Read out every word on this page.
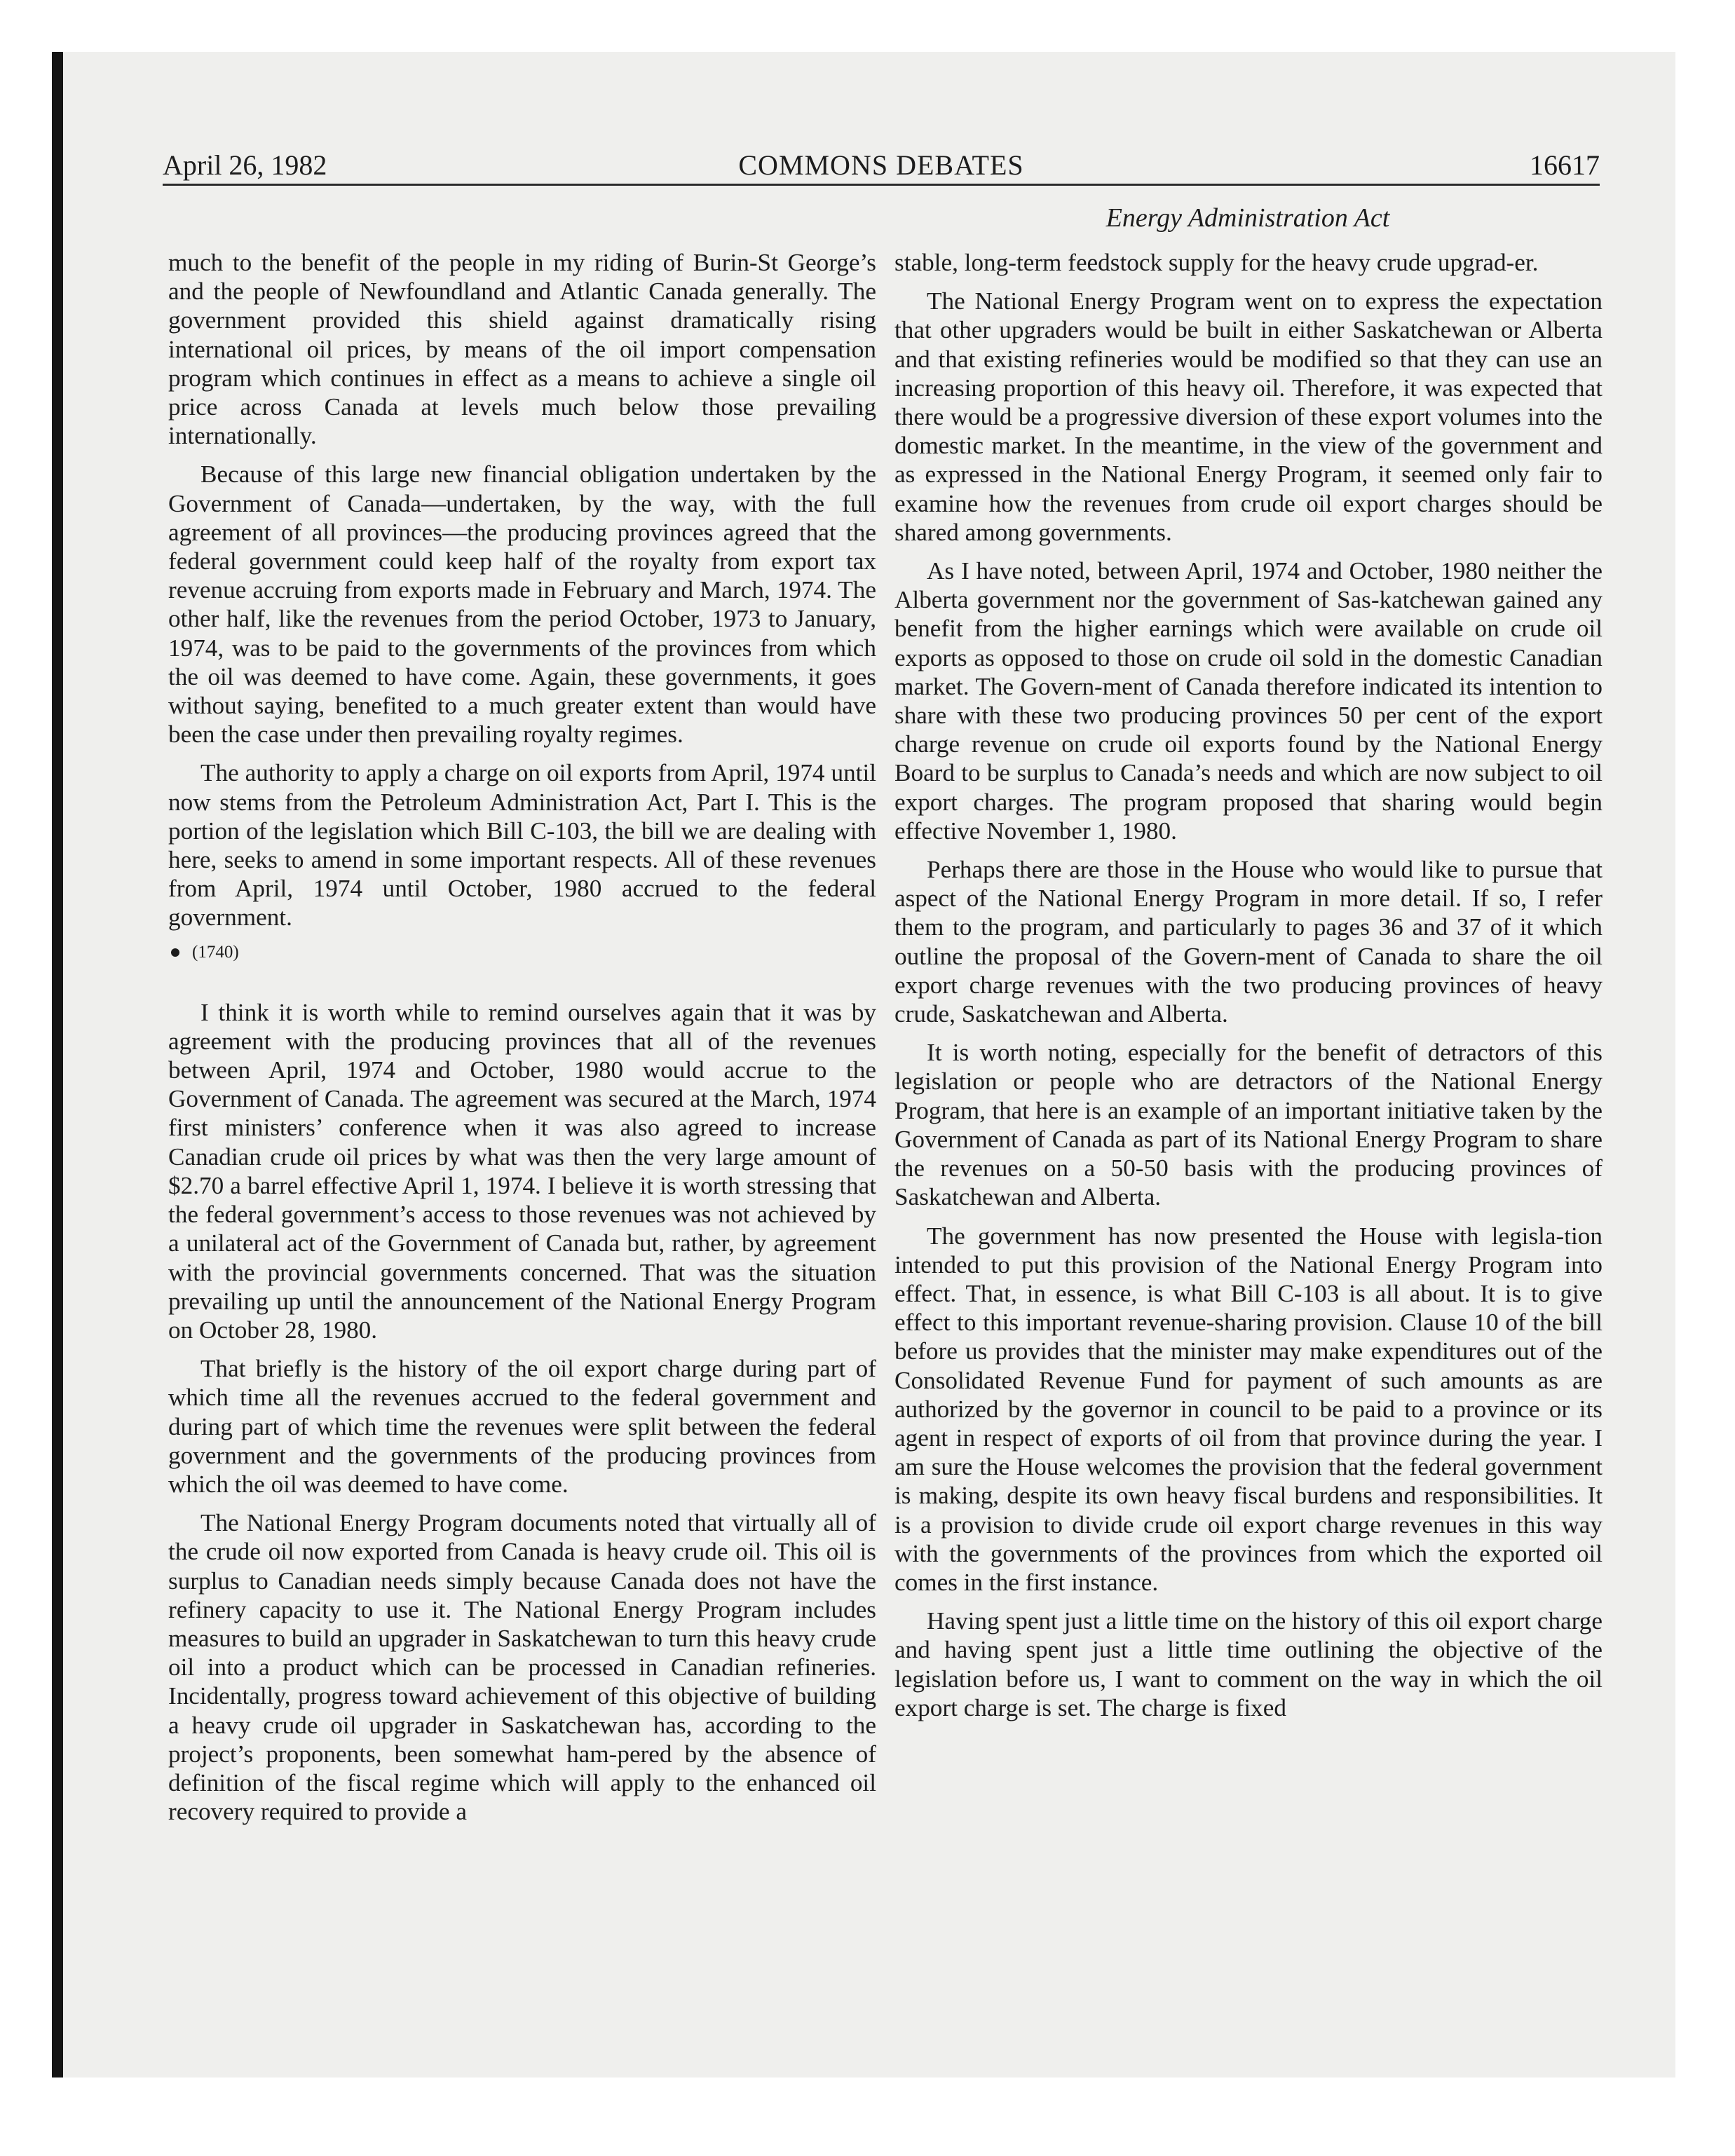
April 26, 1982	COMMONS DEBATES	16617
Energy Administration Act

much to the benefit of the people in my riding of Burin-St George’s and the people of Newfoundland and Atlantic Canada generally. The government provided this shield against dramatically rising international oil prices, by means of the oil import compensation program which continues in effect as a means to achieve a single oil price across Canada at levels much below those prevailing internationally.

Because of this large new financial obligation undertaken by the Government of Canada—undertaken, by the way, with the full agreement of all provinces—the producing provinces agreed that the federal government could keep half of the royalty from export tax revenue accruing from exports made in February and March, 1974. The other half, like the revenues from the period October, 1973 to January, 1974, was to be paid to the governments of the provinces from which the oil was deemed to have come. Again, these governments, it goes without saying, benefited to a much greater extent than would have been the case under then prevailing royalty regimes.

The authority to apply a charge on oil exports from April, 1974 until now stems from the Petroleum Administration Act, Part I. This is the portion of the legislation which Bill C-103, the bill we are dealing with here, seeks to amend in some important respects. All of these revenues from April, 1974 until October, 1980 accrued to the federal government.

(1740)

I think it is worth while to remind ourselves again that it was by agreement with the producing provinces that all of the revenues between April, 1974 and October, 1980 would accrue to the Government of Canada. The agreement was secured at the March, 1974 first ministers’ conference when it was also agreed to increase Canadian crude oil prices by what was then the very large amount of $2.70 a barrel effective April 1, 1974. I believe it is worth stressing that the federal government’s access to those revenues was not achieved by a unilateral act of the Government of Canada but, rather, by agreement with the provincial governments concerned. That was the situation prevailing up until the announcement of the National Energy Program on October 28, 1980.

That briefly is the history of the oil export charge during part of which time all the revenues accrued to the federal government and during part of which time the revenues were split between the federal government and the governments of the producing provinces from which the oil was deemed to have come.

The National Energy Program documents noted that virtually all of the crude oil now exported from Canada is heavy crude oil. This oil is surplus to Canadian needs simply because Canada does not have the refinery capacity to use it. The National Energy Program includes measures to build an upgrader in Saskatchewan to turn this heavy crude oil into a product which can be processed in Canadian refineries. Incidentally, progress toward achievement of this objective of building a heavy crude oil upgrader in Saskatchewan has, according to the project’s proponents, been somewhat ham-pered by the absence of definition of the fiscal regime which will apply to the enhanced oil recovery required to provide a

stable, long-term feedstock supply for the heavy crude upgrad-er.

The National Energy Program went on to express the expectation that other upgraders would be built in either Saskatchewan or Alberta and that existing refineries would be modified so that they can use an increasing proportion of this heavy oil. Therefore, it was expected that there would be a progressive diversion of these export volumes into the domestic market. In the meantime, in the view of the government and as expressed in the National Energy Program, it seemed only fair to examine how the revenues from crude oil export charges should be shared among governments.

As I have noted, between April, 1974 and October, 1980 neither the Alberta government nor the government of Sas-katchewan gained any benefit from the higher earnings which were available on crude oil exports as opposed to those on crude oil sold in the domestic Canadian market. The Govern-ment of Canada therefore indicated its intention to share with these two producing provinces 50 per cent of the export charge revenue on crude oil exports found by the National Energy Board to be surplus to Canada’s needs and which are now subject to oil export charges. The program proposed that sharing would begin effective November 1, 1980.

Perhaps there are those in the House who would like to pursue that aspect of the National Energy Program in more detail. If so, I refer them to the program, and particularly to pages 36 and 37 of it which outline the proposal of the Govern-ment of Canada to share the oil export charge revenues with the two producing provinces of heavy crude, Saskatchewan and Alberta.

It is worth noting, especially for the benefit of detractors of this legislation or people who are detractors of the National Energy Program, that here is an example of an important initiative taken by the Government of Canada as part of its National Energy Program to share the revenues on a 50-50 basis with the producing provinces of Saskatchewan and Alberta.

The government has now presented the House with legisla-tion intended to put this provision of the National Energy Program into effect. That, in essence, is what Bill C-103 is all about. It is to give effect to this important revenue-sharing provision. Clause 10 of the bill before us provides that the minister may make expenditures out of the Consolidated Revenue Fund for payment of such amounts as are authorized by the governor in council to be paid to a province or its agent in respect of exports of oil from that province during the year. I am sure the House welcomes the provision that the federal government is making, despite its own heavy fiscal burdens and responsibilities. It is a provision to divide crude oil export charge revenues in this way with the governments of the provinces from which the exported oil comes in the first instance.

Having spent just a little time on the history of this oil export charge and having spent just a little time outlining the objective of the legislation before us, I want to comment on the way in which the oil export charge is set. The charge is fixed
